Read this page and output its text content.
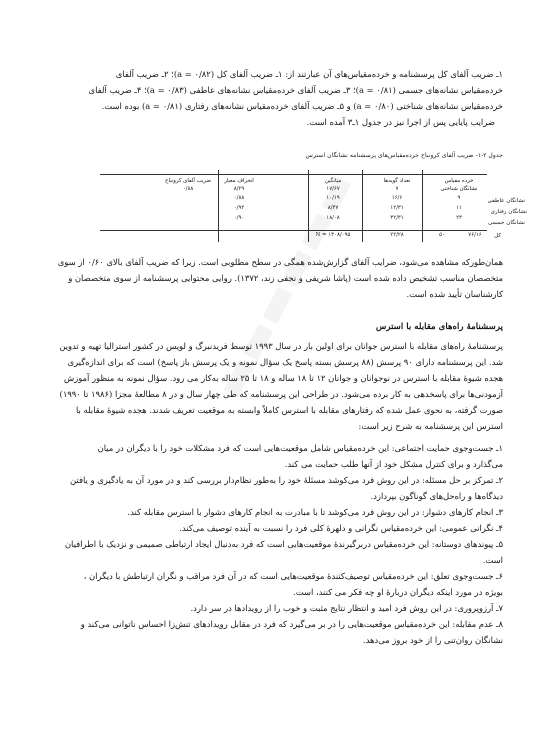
۱ـ ضریب آلفای کل پرسشنامه و خرده‌مقیاس‌های آن عبارتند از: ۱ـ ضریب آلفای کل (۰/۸۲ = a)؛ ۲ـ ضریب آلفای
خرده‌مقیاس نشانه‌های جسمی (۰/۸۱ = a)؛ ۳ـ ضریب آلفای خرده‌مقیاس نشانه‌های عاطفی (۰/۸۳ = a)؛ ۴ـ ضریب آلفای
خرده‌مقیاس نشانه‌های شناختی (۰/۸۰ = a) و ۵ـ ضریب آلفای خرده‌مقیاس نشانه‌های رفتاری (۰/۸۱ = a) بوده است.
ضرایب پایایی پس از اجرا نیز در جدول ۱ـ۳ آمده است.
جدول ۲-۱- ضریب آلفای کرونباخ خرده‌مقیاس‌های پرسشنامه نشانگان استرس
خرده مقیاس
نشانگان شناختی
تعداد گویه‌ها
میانگین
انحراف معیار
ضریب آلفای کرونباخ
۷
۱۷/۶۷
۸/۲۹
۰/۸۸
نشانگان عاطفی
۹
۱۶/۶
۱۰/۱۹
۰/۸۸
نشانگان رفتاری
۱۱
۱۲/۳۱
۸/۴۷
۰/۹۲
نشانگان جسمی
۲۳
۳۲/۳۱
۱۸/۰۸
۰/۹۰
کل
۵۰	۷۶/۱۶
۲۲/۲۸
۱۳۰۸/۰۹۵ = N
همان‌طورکه مشاهده می‌شود، ضرایب آلفای گزارش‌شده همگی در سطح مطلوبی است. زیرا که ضریب آلفای بالای ۰/۶۰ از سوی
متخصصان مناسب تشخیص داده شده است (پاشا شریفی و نجفی زند، ۱۳۷۲). روایی محتوایی پرسشنامه از سوی متخصصان و
کارشناسان تأیید شده است.
پرسشنامهٔ راه‌های مقابله با استرس
پرسشنامهٔ راه‌های مقابله با استرس جوانان برای اولین بار در سال ۱۹۹۳ توسط فریدنبرگ و لویس در کشور استرالیا تهیه و تدوین
شد. این پرسشنامه دارای ۹۰ پرسش (۸۸ پرسش بسته پاسخ یک سؤال نمونه و یک پرسش باز پاسخ) است که برای اندازه‌گیری
هجده شیوهٔ مقابله با استرس در نوجوانان و جوانان ۱۲ تا ۱۸ ساله و ۱۸ تا ۲۵ ساله به‌کار می رود. سؤال نمونه به منظور آموزش
آزمودنی‌ها برای پاسخدهی به کار برده می‌شود. در طراحی این پرسشنامه که طی چهار سال و در ۸ مطالعهٔ مجزا (۱۹۸۶ تا ۱۹۹۰)
صورت گرفته، به نحوی عمل شده که رفتارهای مقابله با استرس کاملاً وابسته به موقعیت تعریف شدند. هجده شیوهٔ مقابله با
استرس این پرسشنامه به شرح زیر است:
۱ـ جست‌وجوی حمایت اجتماعی: این خرده‌مقیاس شامل موقعیت‌هایی است که فرد مشکلات خود را با دیگران در میان
می‌گذارد و برای کنترل مشکل خود از آنها طلب حمایت می کند.
۲ـ تمرکز بر حل مسئله: در این روش فرد می‌کوشد مسئلهٔ خود را به‌طور نظام‌دار بررسی کند و در مورد آن به یادگیری و یافتن
دیدگاه‌ها و راه‌حل‌های گوناگون بپردازد.
۳ـ انجام کارهای دشوار: در این روش فرد می‌کوشد تا با مبادرت به انجام کارهای دشوار با استرس مقابله کند.
۴ـ نگرانی عمومی: این خرده‌مقیاس نگرانی و دلهرهٔ کلی فرد را نسبت به آینده توصیف می‌کند.
۵ـ پیوندهای دوستانه: این خرده‌مقیاس دربرگیرندهٔ موقعیت‌هایی است که فرد به‌دنبال ایجاد ارتباطی صمیمی و نزدیک با اطرافیان
است.
۶ـ جست‌وجوی تعلق: این خرده‌مقیاس توصیف‌کنندهٔ موقعیت‌هایی است که در آن فرد مراقب و نگران ارتباطش با دیگران ،
بویژه در مورد اینکه دیگران دربارهٔ او چه فکر می کنند، است.
۷ـ آرزوپروری: در این روش فرد امید و انتظار نتایج مثبت و خوب را از رویدادها در سر دارد.
۸ـ عدم مقابله: این خرده‌مقیاس موقعیت‌هایی را در بر می‌گیرد که فرد در مقابل رویدادهای تنش‌زا احساس ناتوانی می‌کند و
نشانگان روان‌تنی را از خود بروز می‌دهد.
